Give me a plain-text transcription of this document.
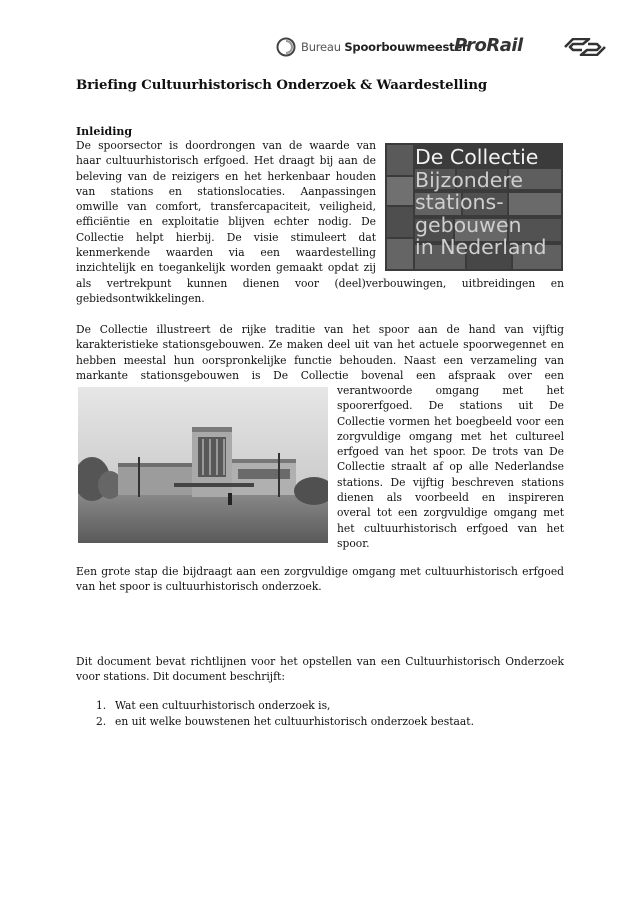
Bureau Spoorbouwmeester
ProRail
Briefing Cultuurhistorisch Onderzoek & Waardestelling
Inleiding
De spoorsector is doordrongen van de waarde van
haar cultuurhistorisch erfgoed. Het draagt bij aan de
beleving van de reizigers en het herkenbaar houden
van stations en stationslocaties. Aanpassingen
omwille van comfort, transfercapaciteit, veiligheid,
efficiëntie en exploitatie blijven echter nodig. De
Collectie helpt hierbij. De visie stimuleert dat
kenmerkende waarden via een waardestelling
inzichtelijk en toegankelijk worden gemaakt opdat zij
als vertrekpunt kunnen dienen voor (deel)verbouwingen, uitbreidingen en
gebiedsontwikkelingen.
De Collectie
Bijzondere
stations-
gebouwen
in Nederland
De Collectie illustreert de rijke traditie van het spoor aan de hand van vijftig
karakteristieke stationsgebouwen. Ze maken deel uit van het actuele spoorwegennet en
hebben meestal hun oorspronkelijke functie behouden. Naast een verzameling van
markante stationsgebouwen is De Collectie bovenal een afspraak over een
verantwoorde omgang met het
spoorerfgoed. De stations uit De
Collectie vormen het boegbeeld voor een
zorgvuldige omgang met het cultureel
erfgoed van het spoor. De trots van De
Collectie straalt af op alle Nederlandse
stations. De vijftig beschreven stations
dienen als voorbeeld en inspireren
overal tot een zorgvuldige omgang met
het cultuurhistorisch erfgoed van het
spoor.
Een grote stap die bijdraagt aan een zorgvuldige omgang met cultuurhistorisch erfgoed
van het spoor is cultuurhistorisch onderzoek.
Dit document bevat richtlijnen voor het opstellen van een Cultuurhistorisch Onderzoek
voor stations. Dit document beschrijft:
1. Wat een cultuurhistorisch onderzoek is,
2. en uit welke bouwstenen het cultuurhistorisch onderzoek bestaat.
